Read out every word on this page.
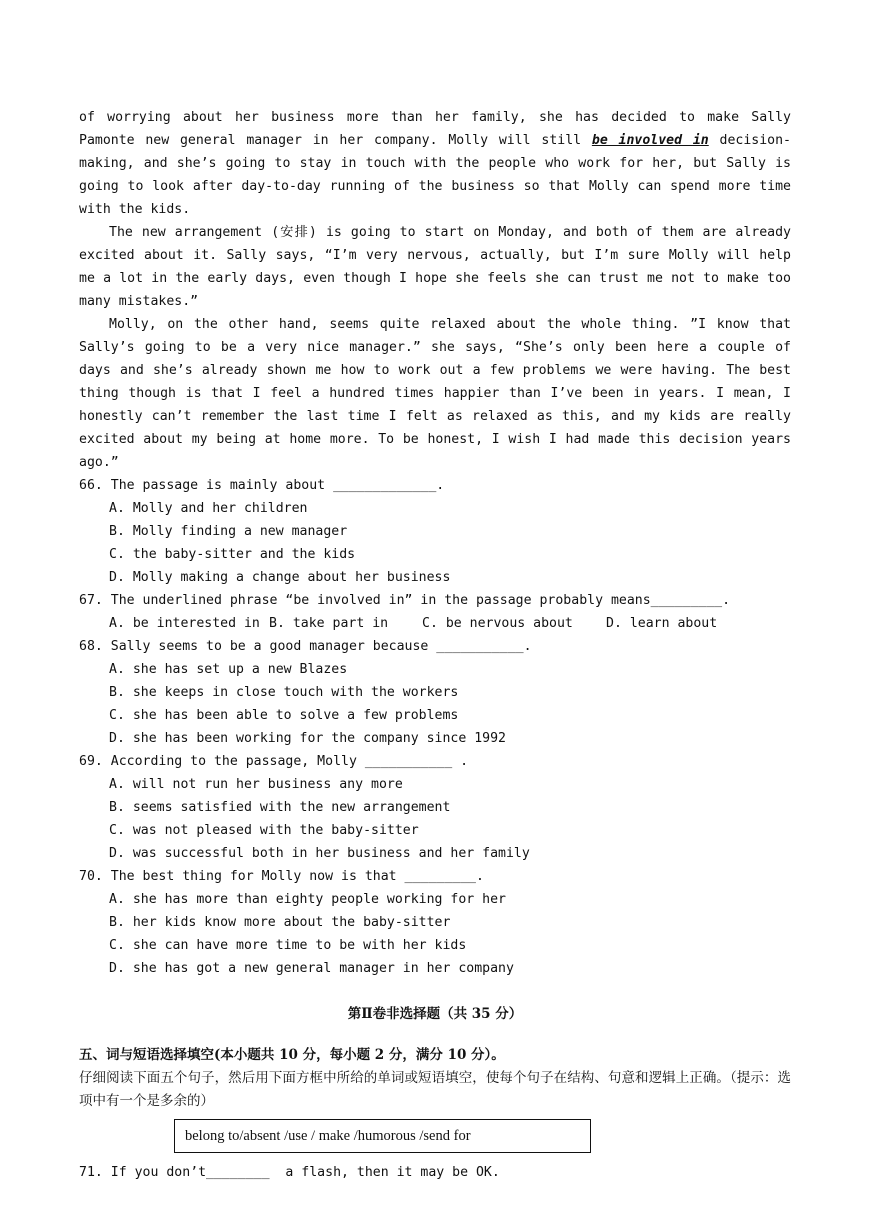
of worrying about her business more than her family, she has decided to make Sally Pamonte new general manager in her company. Molly will still be involved in decision- making, and she’s going to stay in touch with the people who work for her, but Sally is going to look after day-to-day running of the business so that Molly can spend more time with the kids.

The new arrangement (安排) is going to start on Monday, and both of them are already excited about it. Sally says, “I’m very nervous, actually, but I’m sure Molly will help me a lot in the early days, even though I hope she feels she can trust me not to make too many mistakes.”

Molly, on the other hand, seems quite relaxed about the whole thing. ”I know that Sally’s going to be a very nice manager.” she says, “She’s only been here a couple of days and she’s already shown me how to work out a few problems we were having. The best thing though is that I feel a hundred times happier than I’ve been in years. I mean, I honestly can’t remember the last time I felt as relaxed as this, and my kids are really excited about my being at home more. To be honest, I wish I had made this decision years ago.”

66. The passage is mainly about _____________.

A. Molly and her children

B. Molly finding a new manager

C. the baby-sitter and the kids

D. Molly making a change about her business

67. The underlined phrase “be involved in” in the passage probably means_________.

A. be interested in B. take part in	C. be nervous about	D. learn about

68. Sally seems to be a good manager because ___________.

A. she has set up a new Blazes

B. she keeps in close touch with the workers

C. she has been able to solve a few problems

D. she has been working for the company since 1992

69. According to the passage, Molly ___________ .

A. will not run her business any more

B. seems satisfied with the new arrangement

C. was not pleased with the baby-sitter

D. was successful both in her business and her family

70. The best thing for Molly now is that _________.

A. she has more than eighty people working for her

B. her kids know more about the baby-sitter

C. she can have more time to be with her kids

D. she has got a new general manager in her company

第Ⅱ卷非选择题（共 35 分）
五、词与短语选择填空(本小题共 10 分，每小题 2 分，满分 10 分）。

仔细阅读下面五个句子，然后用下面方框中所给的单词或短语填空，使每个句子在结构、句意和逻辑上正确。（提示：选项中有一个是多余的）

belong to/absent /use / make /humorous /send for

71. If you don’t________  a flash, then it may be OK.
